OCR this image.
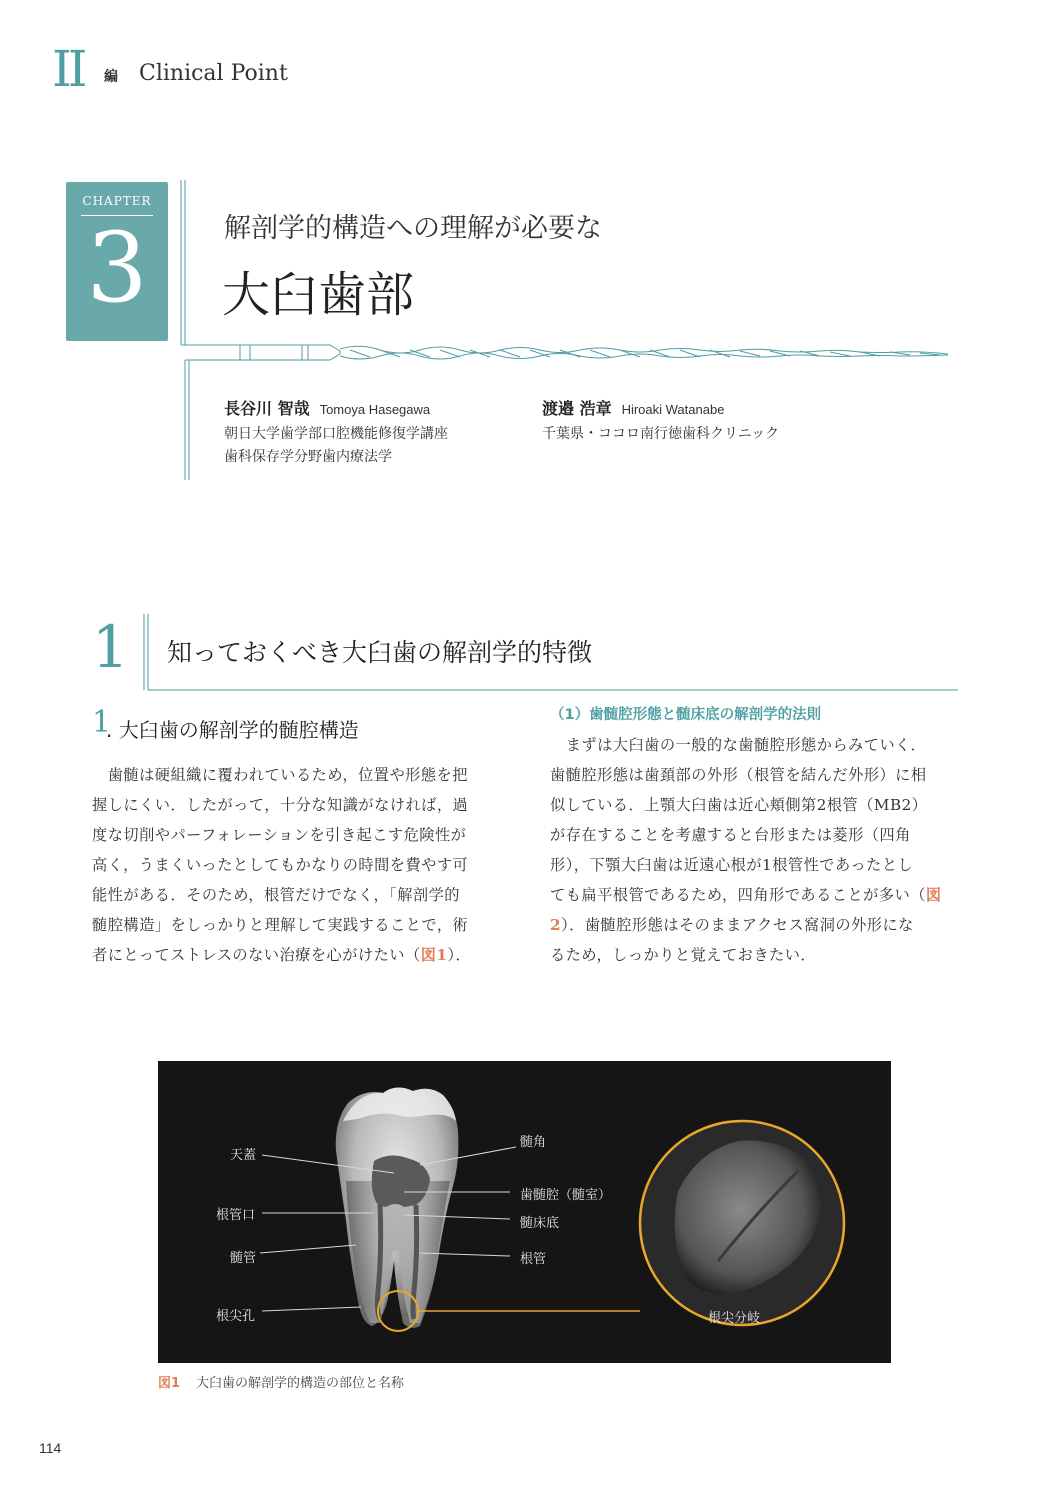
II 編 Clinical Point
CHAPTER
3	解剖学的構造への理解が必要な
大臼歯部
長谷川 智哉 Tomoya Hasegawa
朝日大学歯学部口腔機能修復学講座
歯科保存学分野歯内療法学
渡邉 浩章 Hiroaki Watanabe
千葉県・ココロ南行徳歯科クリニック
1 知っておくべき大臼歯の解剖学的特徴
1
. 大臼歯の解剖学的髄腔構造
　歯髄は硬組織に覆われているため，位置や形態を把
握しにくい．したがって，十分な知識がなければ，過
度な切削やパーフォレーションを引き起こす危険性が
高く，うまくいったとしてもかなりの時間を費やす可
能性がある．そのため，根管だけでなく，「解剖学的
髄腔構造」をしっかりと理解して実践することで，術
者にとってストレスのない治療を心がけたい（図1）．
（1）歯髄腔形態と髄床底の解剖学的法則
　まずは大臼歯の一般的な歯髄腔形態からみていく．
歯髄腔形態は歯頚部の外形（根管を結んだ外形）に相
似している．上顎大臼歯は近心頬側第2根管（MB2）
が存在することを考慮すると台形または菱形（四角
形），下顎大臼歯は近遠心根が1根管性であったとし
ても扁平根管であるため，四角形であることが多い（図
2）．歯髄腔形態はそのままアクセス窩洞の外形にな
るため，しっかりと覚えておきたい．
天蓋
根管口
髄管
根尖孔
髄角
歯髄腔（髄室）
髄床底
根管
根尖分岐
図1 大臼歯の解剖学的構造の部位と名称
114
